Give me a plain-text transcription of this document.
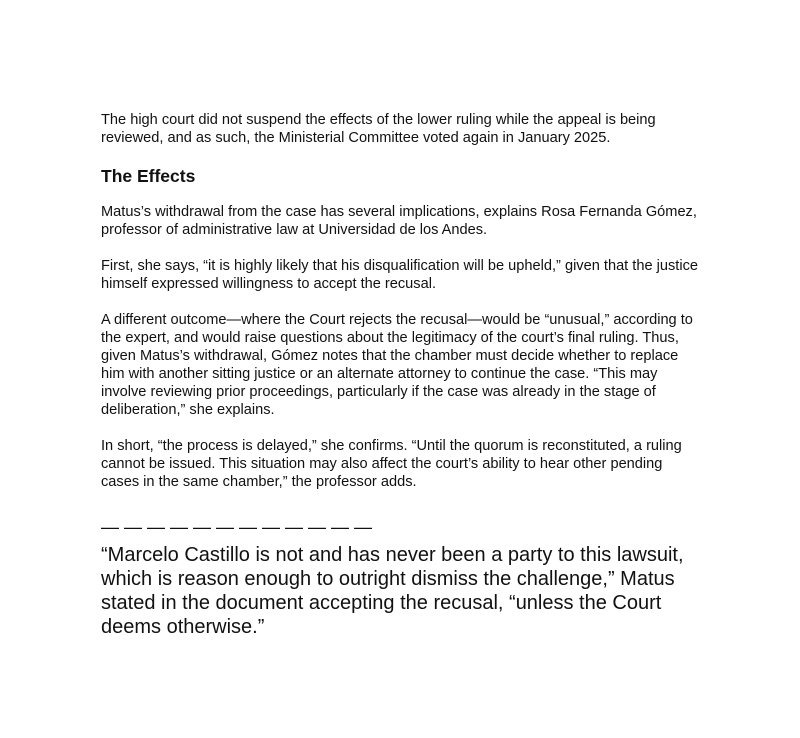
The high court did not suspend the effects of the lower ruling while the appeal is being reviewed, and as such, the Ministerial Committee voted again in January 2025.

The Effects

Matus’s withdrawal from the case has several implications, explains Rosa Fernanda Gómez, professor of administrative law at Universidad de los Andes.

First, she says, “it is highly likely that his disqualification will be upheld,” given that the justice himself expressed willingness to accept the recusal.

A different outcome—where the Court rejects the recusal—would be “unusual,” according to the expert, and would raise questions about the legitimacy of the court’s final ruling. Thus, given Matus’s withdrawal, Gómez notes that the chamber must decide whether to replace him with another sitting justice or an alternate attorney to continue the case. “This may involve reviewing prior proceedings, particularly if the case was already in the stage of deliberation,” she explains.

In short, “the process is delayed,” she confirms. “Until the quorum is reconstituted, a ruling cannot be issued. This situation may also affect the court’s ability to hear other pending cases in the same chamber,” the professor adds.

— — — — — — — — — — — —

“Marcelo Castillo is not and has never been a party to this lawsuit, which is reason enough to outright dismiss the challenge,” Matus stated in the document accepting the recusal, “unless the Court deems otherwise.”
